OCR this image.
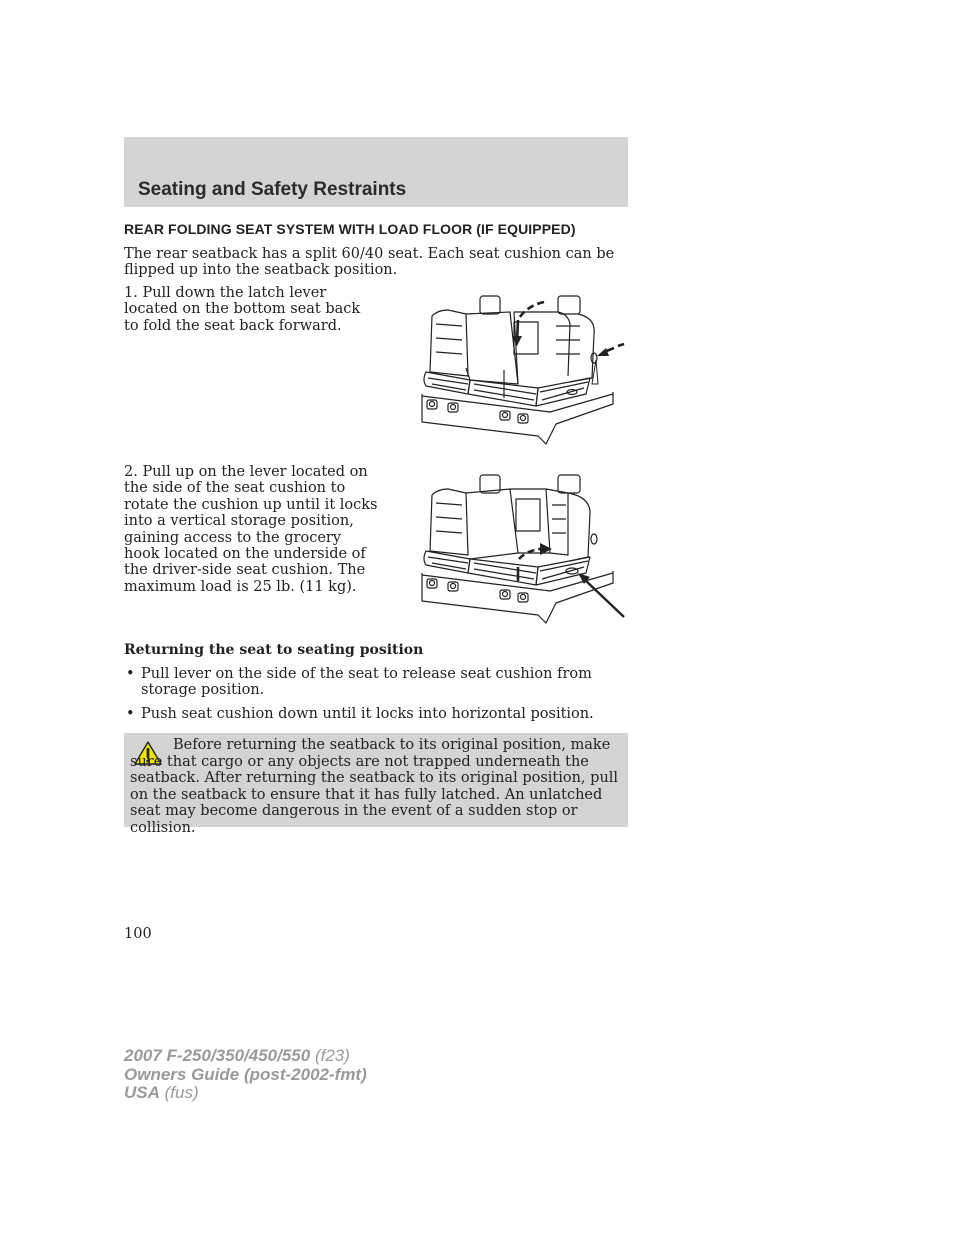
Seating and Safety Restraints
REAR FOLDING SEAT SYSTEM WITH LOAD FLOOR (IF EQUIPPED)

The rear seatback has a split 60/40 seat. Each seat cushion can be flipped up into the seatback position.

1. Pull down the latch lever located on the bottom seat back to fold the seat back forward.

2. Pull up on the lever located on the side of the seat cushion to rotate the cushion up until it locks into a vertical storage position, gaining access to the grocery hook located on the underside of the driver-side seat cushion. The maximum load is 25 lb. (11 kg).

Returning the seat to seating position

• Pull lever on the side of the seat to release seat cushion from storage position.
• Push seat cushion down until it locks into horizontal position.

Before returning the seatback to its original position, make sure that cargo or any objects are not trapped underneath the seatback. After returning the seatback to its original position, pull on the seatback to ensure that it has fully latched. An unlatched seat may become dangerous in the event of a sudden stop or collision.

100

2007 F-250/350/450/550 (f23)
Owners Guide (post-2002-fmt)
USA (fus)
